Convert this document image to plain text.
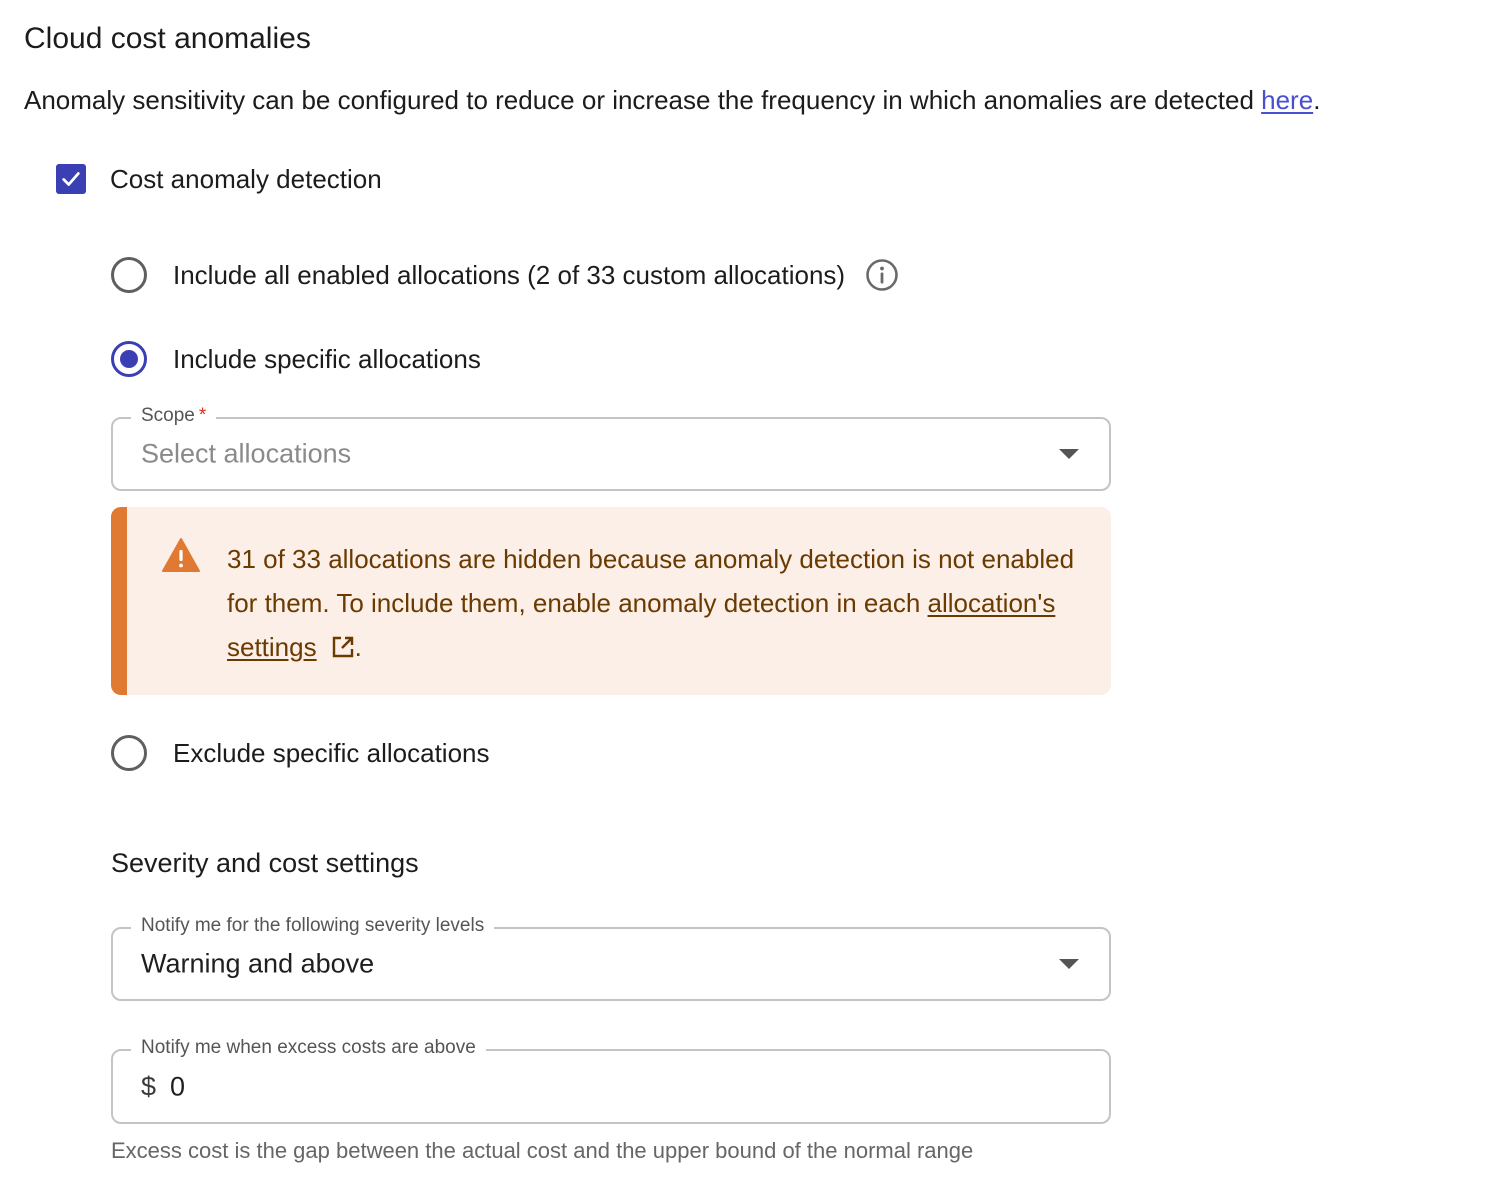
Cloud cost anomalies
Anomaly sensitivity can be configured to reduce or increase the frequency in which anomalies are detected here.
Cost anomaly detection
Include all enabled allocations (2 of 33 custom allocations)
Include specific allocations
Scope *
Select allocations
31 of 33 allocations are hidden because anomaly detection is not enabled for them. To include them, enable anomaly detection in each allocation's settings .
Exclude specific allocations
Severity and cost settings
Notify me for the following severity levels
Warning and above
Notify me when excess costs are above
$ 0
Excess cost is the gap between the actual cost and the upper bound of the normal range
